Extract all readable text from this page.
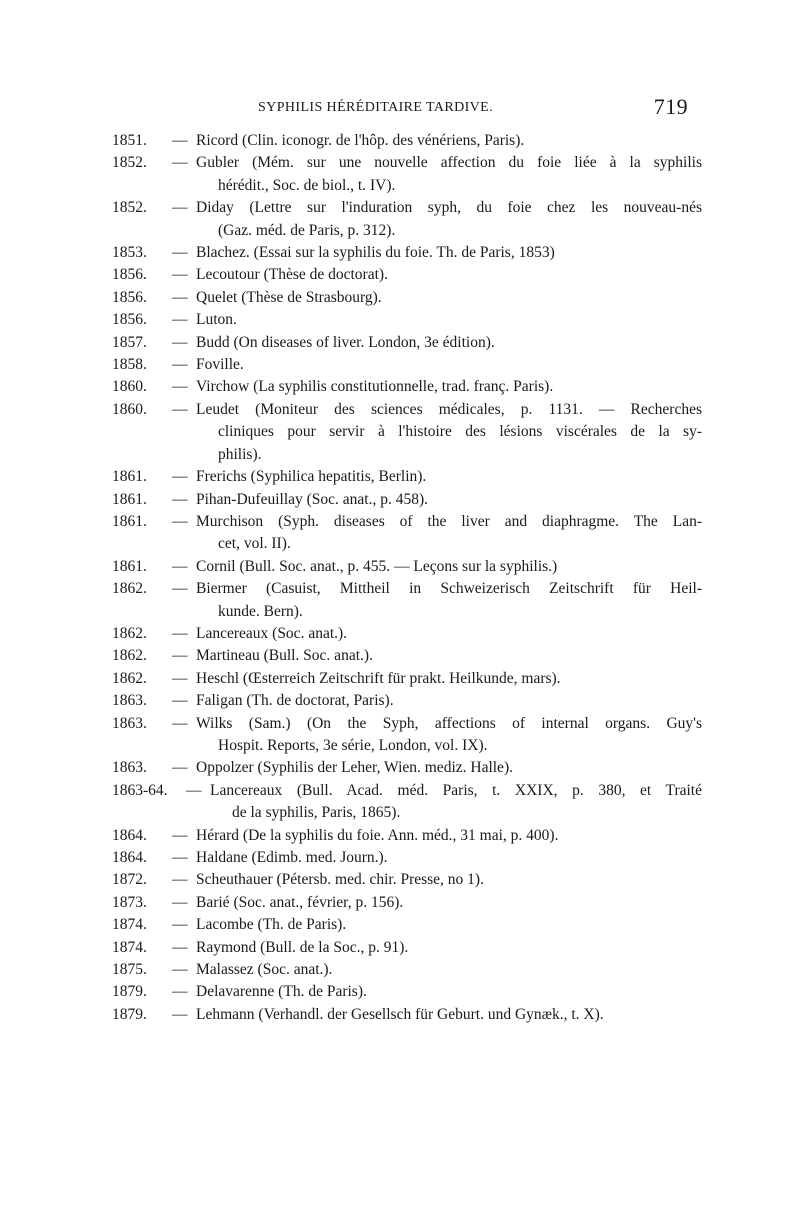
SYPHILIS HÉRÉDITAIRE TARDIVE.	719
1851.	— Ricord (Clin. iconogr. de l'hôp. des vénériens, Paris).
1852.	— Gubler (Mém. sur une nouvelle affection du foie liée à la syphilis
hérédit., Soc. de biol., t. IV).
1852.	— Diday (Lettre sur l'induration syph, du foie chez les nouveau-nés
(Gaz. méd. de Paris, p. 312).
1853.	— Blachez. (Essai sur la syphilis du foie. Th. de Paris, 1853)
1856.	— Lecoutour (Thèse de doctorat).
1856.	— Quelet (Thèse de Strasbourg).
1856.	— Luton.
1857.	— Budd (On diseases of liver. London, 3e édition).
1858.	— Foville.
1860.	— Virchow (La syphilis constitutionnelle, trad. franç. Paris).
1860.	— Leudet (Moniteur des sciences médicales, p. 1131. — Recherches
cliniques pour servir à l'histoire des lésions viscérales de la sy-
philis).
1861.	— Frerichs (Syphilica hepatitis, Berlin).
1861.	— Pihan-Dufeuillay (Soc. anat., p. 458).
1861.	— Murchison (Syph. diseases of the liver and diaphragme. The Lan-
cet, vol. II).
1861.	— Cornil (Bull. Soc. anat., p. 455. — Leçons sur la syphilis.)
1862.	— Biermer (Casuist, Mittheil in Schweizerisch Zeitschrift für Heil-
kunde. Bern).
1862.	— Lancereaux (Soc. anat.).
1862.	— Martineau (Bull. Soc. anat.).
1862.	— Heschl (Œsterreich Zeitschrift für prakt. Heilkunde, mars).
1863.	— Faligan (Th. de doctorat, Paris).
1863.	— Wilks (Sam.) (On the Syph, affections of internal organs. Guy's
Hospit. Reports, 3e série, London, vol. IX).
1863.	— Oppolzer (Syphilis der Leher, Wien. mediz. Halle).
1863-64.	— Lancereaux (Bull. Acad. méd. Paris, t. XXIX, p. 380, et Traité
de la syphilis, Paris, 1865).
1864.	— Hérard (De la syphilis du foie. Ann. méd., 31 mai, p. 400).
1864.	— Haldane (Edimb. med. Journ.).
1872.	— Scheuthauer (Pétersb. med. chir. Presse, no 1).
1873.	— Barié (Soc. anat., février, p. 156).
1874.	— Lacombe (Th. de Paris).
1874.	— Raymond (Bull. de la Soc., p. 91).
1875.	— Malassez (Soc. anat.).
1879.	— Delavarenne (Th. de Paris).
1879.	— Lehmann (Verhandl. der Gesellsch für Geburt. und Gynæk., t. X).
